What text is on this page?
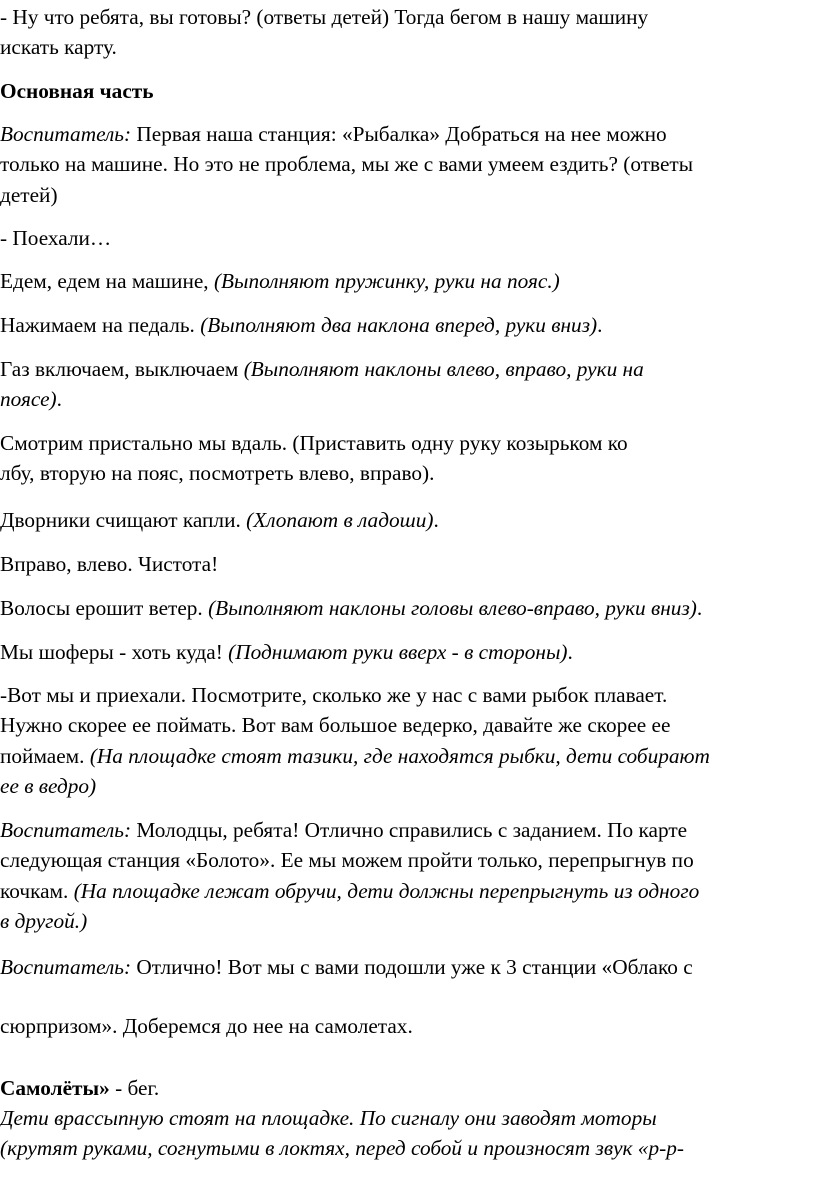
- Ну что ребята, вы готовы? (ответы детей) Тогда бегом в нашу машину
искать карту.

Основная часть

Воспитатель: Первая наша станция: «Рыбалка» Добраться на нее можно
только на машине. Но это не проблема, мы же с вами умеем ездить? (ответы
детей)

- Поехали…

Едем, едем на машине, (Выполняют пружинку, руки на пояс.)

Нажимаем на педаль. (Выполняют два наклона вперед, руки вниз).

Газ включаем, выключаем (Выполняют наклоны влево, вправо, руки на
поясе).

Смотрим пристально мы вдаль. (Приставить одну руку козырьком ко
лбу, вторую на пояс, посмотреть влево, вправо).

Дворники счищают капли. (Хлопают в ладоши).

Вправо, влево. Чистота!

Волосы ерошит ветер. (Выполняют наклоны головы влево-вправо, руки вниз).

Мы шоферы - хоть куда! (Поднимают руки вверх - в стороны).

-Вот мы и приехали. Посмотрите, сколько же у нас с вами рыбок плавает.
Нужно скорее ее поймать. Вот вам большое ведерко, давайте же скорее ее
поймаем. (На площадке стоят тазики, где находятся рыбки, дети собирают
ее в ведро)

Воспитатель: Молодцы, ребята! Отлично справились с заданием. По карте
следующая станция «Болото». Ее мы можем пройти только, перепрыгнув по
кочкам. (На площадке лежат обручи, дети должны перепрыгнуть из одного
в другой.)

Воспитатель: Отлично! Вот мы с вами подошли уже к 3 станции «Облако с

сюрпризом». Доберемся до нее на самолетах.

Самолёты» - бег.

Дети врассыпную стоят на площадке. По сигналу они заводят моторы
(крутят руками, согнутыми в локтях, перед собой и произносят звук «р-р-
